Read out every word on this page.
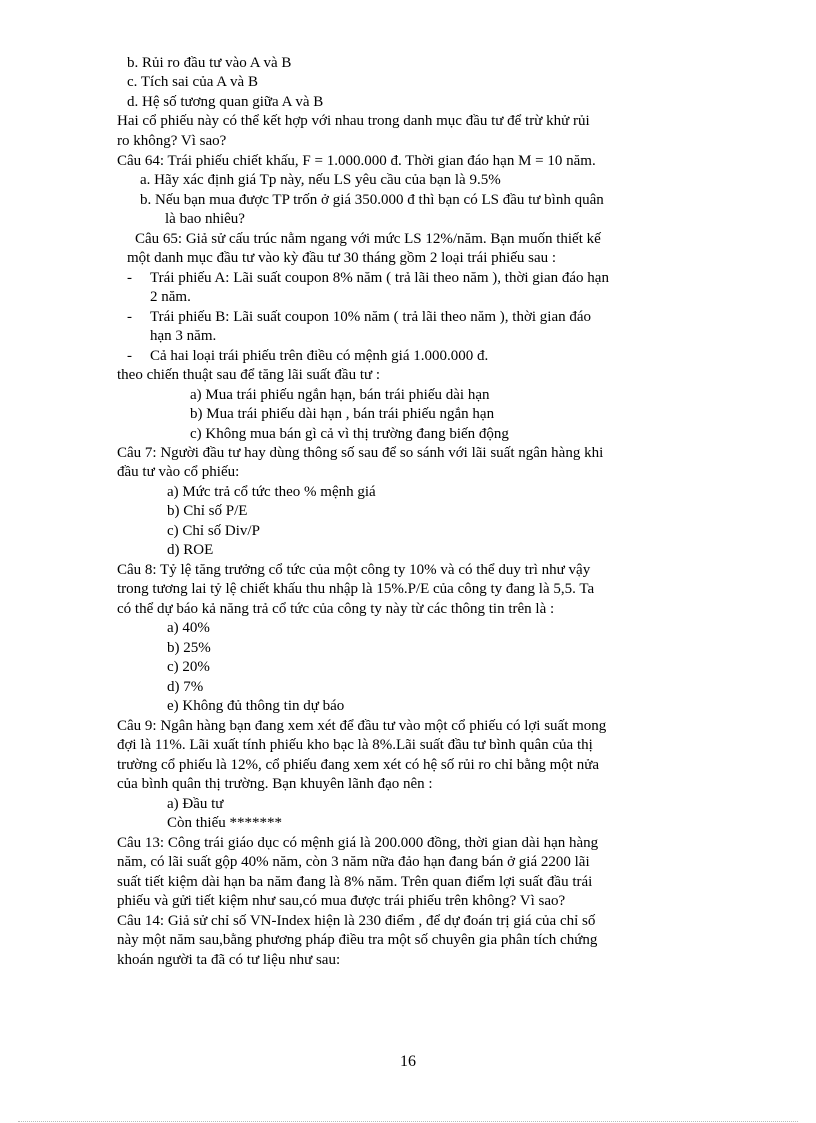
b. Rủi ro đầu tư vào A và B
c. Tích sai của A và B
d. Hệ số tương quan giữa A và B
Hai cổ phiếu này có thể kết hợp với nhau trong danh mục đầu tư để trừ khử rủi
ro không? Vì sao?
Câu 64: Trái phiếu chiết khấu, F = 1.000.000 đ. Thời gian đáo hạn M = 10 năm.
a. Hãy xác định giá Tp này, nếu LS yêu cầu của bạn là 9.5%
b. Nếu bạn mua được TP trốn ở giá 350.000 đ thì bạn có LS đầu tư bình quân
là bao nhiêu?
Câu 65: Giả sử cấu trúc nằm ngang với mức LS 12%/năm. Bạn muốn thiết kế
một danh mục đầu tư vào kỳ đầu tư 30 tháng gồm 2 loại trái phiếu sau :
- Trái phiếu A: Lãi suất coupon 8% năm ( trả lãi theo năm ), thời gian đáo hạn
2 năm.
- Trái phiếu B: Lãi suất coupon 10% năm ( trả lãi theo năm ), thời gian đáo
hạn 3 năm.
- Cả hai loại trái phiếu trên điều có mệnh giá 1.000.000 đ.
theo chiến thuật sau để tăng lãi suất đầu tư :
a) Mua trái phiếu ngắn hạn, bán trái phiếu dài hạn
b) Mua trái phiếu dài hạn , bán trái phiếu ngắn hạn
c) Không mua bán gì cả vì thị trường đang biến động
Câu 7: Người đầu tư hay dùng thông số sau để so sánh với lãi suất ngân hàng khi
đầu tư vào cổ phiếu:
a) Mức trả cổ tức theo % mệnh giá
b) Chỉ số P/E
c) Chỉ số Div/P
d) ROE
Câu 8: Tỷ lệ tăng trưởng cổ tức của một công ty 10% và có thể duy trì như vậy
trong tương lai tỷ lệ chiết khấu thu nhập là 15%.P/E của công ty đang là 5,5. Ta
có thể dự báo kả năng trả cổ tức của công ty này từ các thông tin trên là :
a) 40%
b) 25%
c) 20%
d) 7%
e) Không đủ thông tin dự báo
Câu 9: Ngân hàng bạn đang xem xét để đầu tư vào một cổ phiếu có lợi suất mong
đợi là 11%. Lãi xuất tính phiếu kho bạc là 8%.Lãi suất đầu tư bình quân của thị
trường cổ phiếu là 12%, cổ phiếu đang xem xét có hệ số rủi ro chỉ bằng một nửa
của bình quân thị trường. Bạn khuyên lãnh đạo nên :
a) Đầu tư
Còn thiếu *******
Câu 13: Công trái giáo dục có mệnh giá là 200.000 đồng, thời gian dài hạn hàng
năm, có lãi suất gộp 40% năm, còn 3 năm nữa đảo hạn đang bán ở giá 2200 lãi
suất tiết kiệm dài hạn ba năm đang là 8% năm. Trên quan điểm lợi suất đầu trái
phiếu và gửi tiết kiệm như sau,có mua được trái phiếu trên không? Vì sao?
Câu 14: Giả sử chỉ số VN-Index hiện là 230 điểm , để dự đoán trị giá của chỉ số
này một năm sau,bằng phương pháp điều tra một số chuyên gia phân tích chứng
khoán người ta đã có tư liệu như sau:
16
